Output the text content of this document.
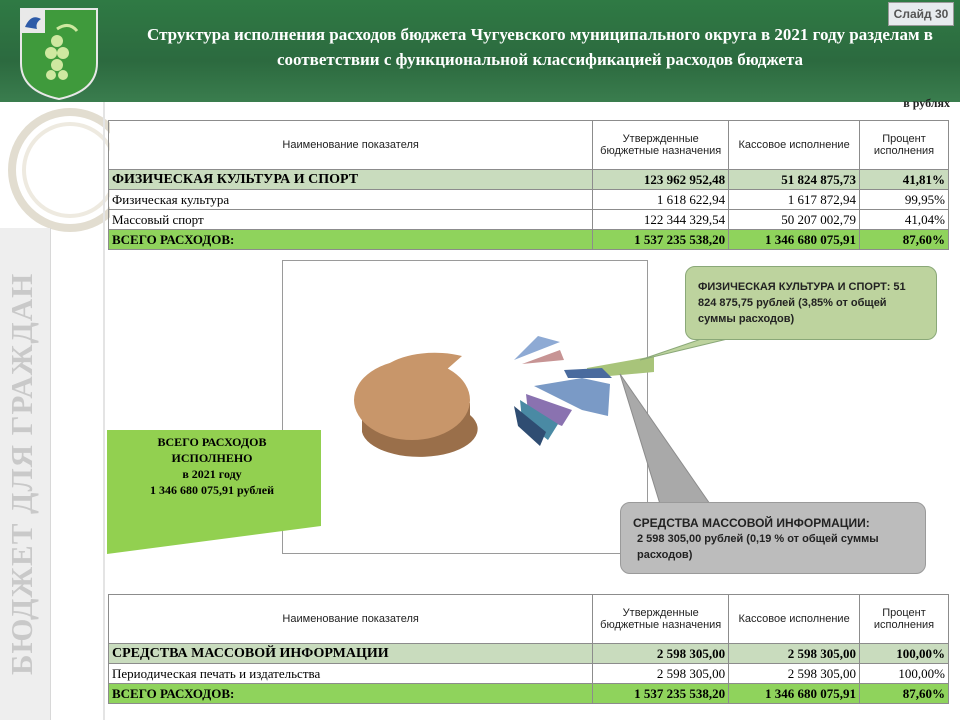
Слайд 30
Структура исполнения расходов бюджета Чугуевского муниципального округа в 2021 году разделам в соответствии с функциональной классификацией расходов бюджета
БЮДЖЕТ ДЛЯ ГРАЖДАН
в рублях
Наименование показателя	Утвержденные бюджетные назначения	Кассовое исполнение	Процент исполнения
ФИЗИЧЕСКАЯ КУЛЬТУРА И СПОРТ	123 962 952,48	51 824 875,73	41,81%
Физическая культура	1 618 622,94	1 617 872,94	99,95%
Массовый спорт	122 344 329,54	50 207 002,79	41,04%
ВСЕГО РАСХОДОВ:	1 537 235 538,20	1 346 680 075,91	87,60%
ВСЕГО РАСХОДОВ
ИСПОЛНЕНО
в 2021 году
1 346 680 075,91 рублей
ФИЗИЧЕСКАЯ КУЛЬТУРА И СПОРТ: 51 824 875,75 рублей (3,85% от общей суммы расходов)
СРЕДСТВА МАССОВОЙ ИНФОРМАЦИИ:
2 598 305,00 рублей (0,19 % от общей суммы расходов)
Наименование показателя	Утвержденные бюджетные назначения	Кассовое исполнение	Процент исполнения
СРЕДСТВА МАССОВОЙ ИНФОРМАЦИИ	2 598 305,00	2 598 305,00	100,00%
Периодическая печать и издательства	2 598 305,00	2 598 305,00	100,00%
ВСЕГО РАСХОДОВ:	1 537 235 538,20	1 346 680 075,91	87,60%
